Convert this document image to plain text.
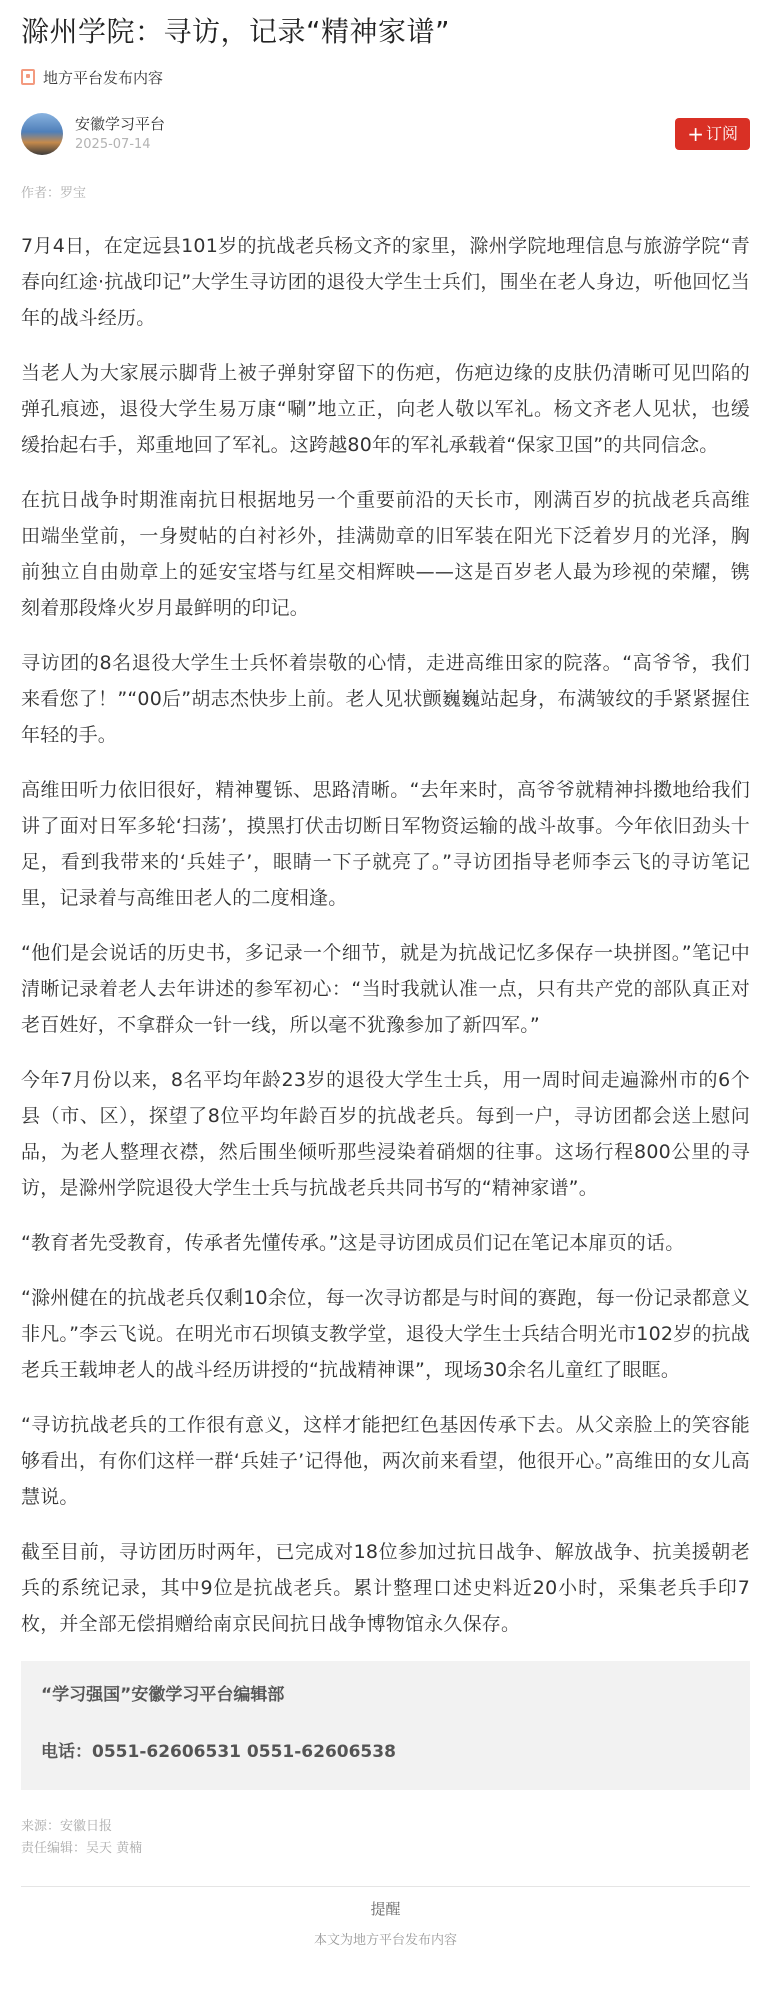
滁州学院：寻访，记录“精神家谱”
地方平台发布内容
安徽学习平台
2025-07-14	+ 订阅
作者：罗宝

7月4日，在定远县101岁的抗战老兵杨文齐的家里，滁州学院地理信息与旅游学院“青春向红途·抗战印记”大学生寻访团的退役大学生士兵们，围坐在老人身边，听他回忆当年的战斗经历。

当老人为大家展示脚背上被子弹射穿留下的伤疤，伤疤边缘的皮肤仍清晰可见凹陷的弹孔痕迹，退役大学生易万康“唰”地立正，向老人敬以军礼。杨文齐老人见状，也缓缓抬起右手，郑重地回了军礼。这跨越80年的军礼承载着“保家卫国”的共同信念。

在抗日战争时期淮南抗日根据地另一个重要前沿的天长市，刚满百岁的抗战老兵高维田端坐堂前，一身熨帖的白衬衫外，挂满勋章的旧军装在阳光下泛着岁月的光泽，胸前独立自由勋章上的延安宝塔与红星交相辉映——这是百岁老人最为珍视的荣耀，镌刻着那段烽火岁月最鲜明的印记。

寻访团的8名退役大学生士兵怀着崇敬的心情，走进高维田家的院落。“高爷爷，我们来看您了！”“00后”胡志杰快步上前。老人见状颤巍巍站起身，布满皱纹的手紧紧握住年轻的手。

高维田听力依旧很好，精神矍铄、思路清晰。“去年来时，高爷爷就精神抖擞地给我们讲了面对日军多轮‘扫荡’，摸黑打伏击切断日军物资运输的战斗故事。今年依旧劲头十足，看到我带来的‘兵娃子’，眼睛一下子就亮了。”寻访团指导老师李云飞的寻访笔记里，记录着与高维田老人的二度相逢。

“他们是会说话的历史书，多记录一个细节，就是为抗战记忆多保存一块拼图。”笔记中清晰记录着老人去年讲述的参军初心：“当时我就认准一点，只有共产党的部队真正对老百姓好，不拿群众一针一线，所以毫不犹豫参加了新四军。”

今年7月份以来，8名平均年龄23岁的退役大学生士兵，用一周时间走遍滁州市的6个县（市、区），探望了8位平均年龄百岁的抗战老兵。每到一户，寻访团都会送上慰问品，为老人整理衣襟，然后围坐倾听那些浸染着硝烟的往事。这场行程800公里的寻访，是滁州学院退役大学生士兵与抗战老兵共同书写的“精神家谱”。

“教育者先受教育，传承者先懂传承。”这是寻访团成员们记在笔记本扉页的话。

“滁州健在的抗战老兵仅剩10余位，每一次寻访都是与时间的赛跑，每一份记录都意义非凡。”李云飞说。在明光市石坝镇支教学堂，退役大学生士兵结合明光市102岁的抗战老兵王载坤老人的战斗经历讲授的“抗战精神课”，现场30余名儿童红了眼眶。

“寻访抗战老兵的工作很有意义，这样才能把红色基因传承下去。从父亲脸上的笑容能够看出，有你们这样一群‘兵娃子’记得他，两次前来看望，他很开心。”高维田的女儿高慧说。

截至目前，寻访团历时两年，已完成对18位参加过抗日战争、解放战争、抗美援朝老兵的系统记录，其中9位是抗战老兵。累计整理口述史料近20小时，采集老兵手印7枚，并全部无偿捐赠给南京民间抗日战争博物馆永久保存。

“学习强国”安徽学习平台编辑部
电话：0551-62606531 0551-62606538
来源：安徽日报
责任编辑：吴天 黄楠
提醒
本文为地方平台发布内容
